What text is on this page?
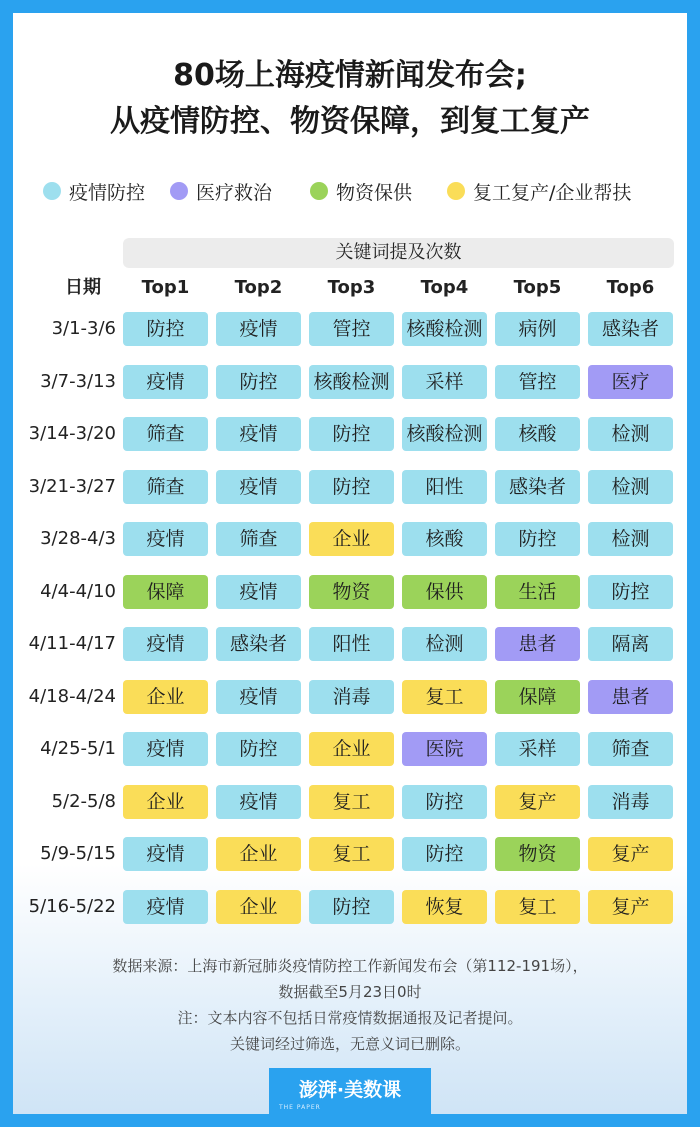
80场上海疫情新闻发布会;
从疫情防控、物资保障，到复工复产
疫情防控	医疗救治	物资保供	复工复产/企业帮扶
关键词提及次数
日期	Top1	Top2	Top3	Top4	Top5	Top6
3/1-3/6	防控	疫情	管控	核酸检测	病例	感染者
3/7-3/13	疫情	防控	核酸检测	采样	管控	医疗
3/14-3/20	筛查	疫情	防控	核酸检测	核酸	检测
3/21-3/27	筛查	疫情	防控	阳性	感染者	检测
3/28-4/3	疫情	筛查	企业	核酸	防控	检测
4/4-4/10	保障	疫情	物资	保供	生活	防控
4/11-4/17	疫情	感染者	阳性	检测	患者	隔离
4/18-4/24	企业	疫情	消毒	复工	保障	患者
4/25-5/1	疫情	防控	企业	医院	采样	筛查
5/2-5/8	企业	疫情	复工	防控	复产	消毒
5/9-5/15	疫情	企业	复工	防控	物资	复产
5/16-5/22	疫情	企业	防控	恢复	复工	复产
数据来源：上海市新冠肺炎疫情防控工作新闻发布会（第112-191场），
数据截至5月23日0时
注：文本内容不包括日常疫情数据通报及记者提问。
关键词经过筛选，无意义词已删除。
澎湃·美数课
THE PAPER
